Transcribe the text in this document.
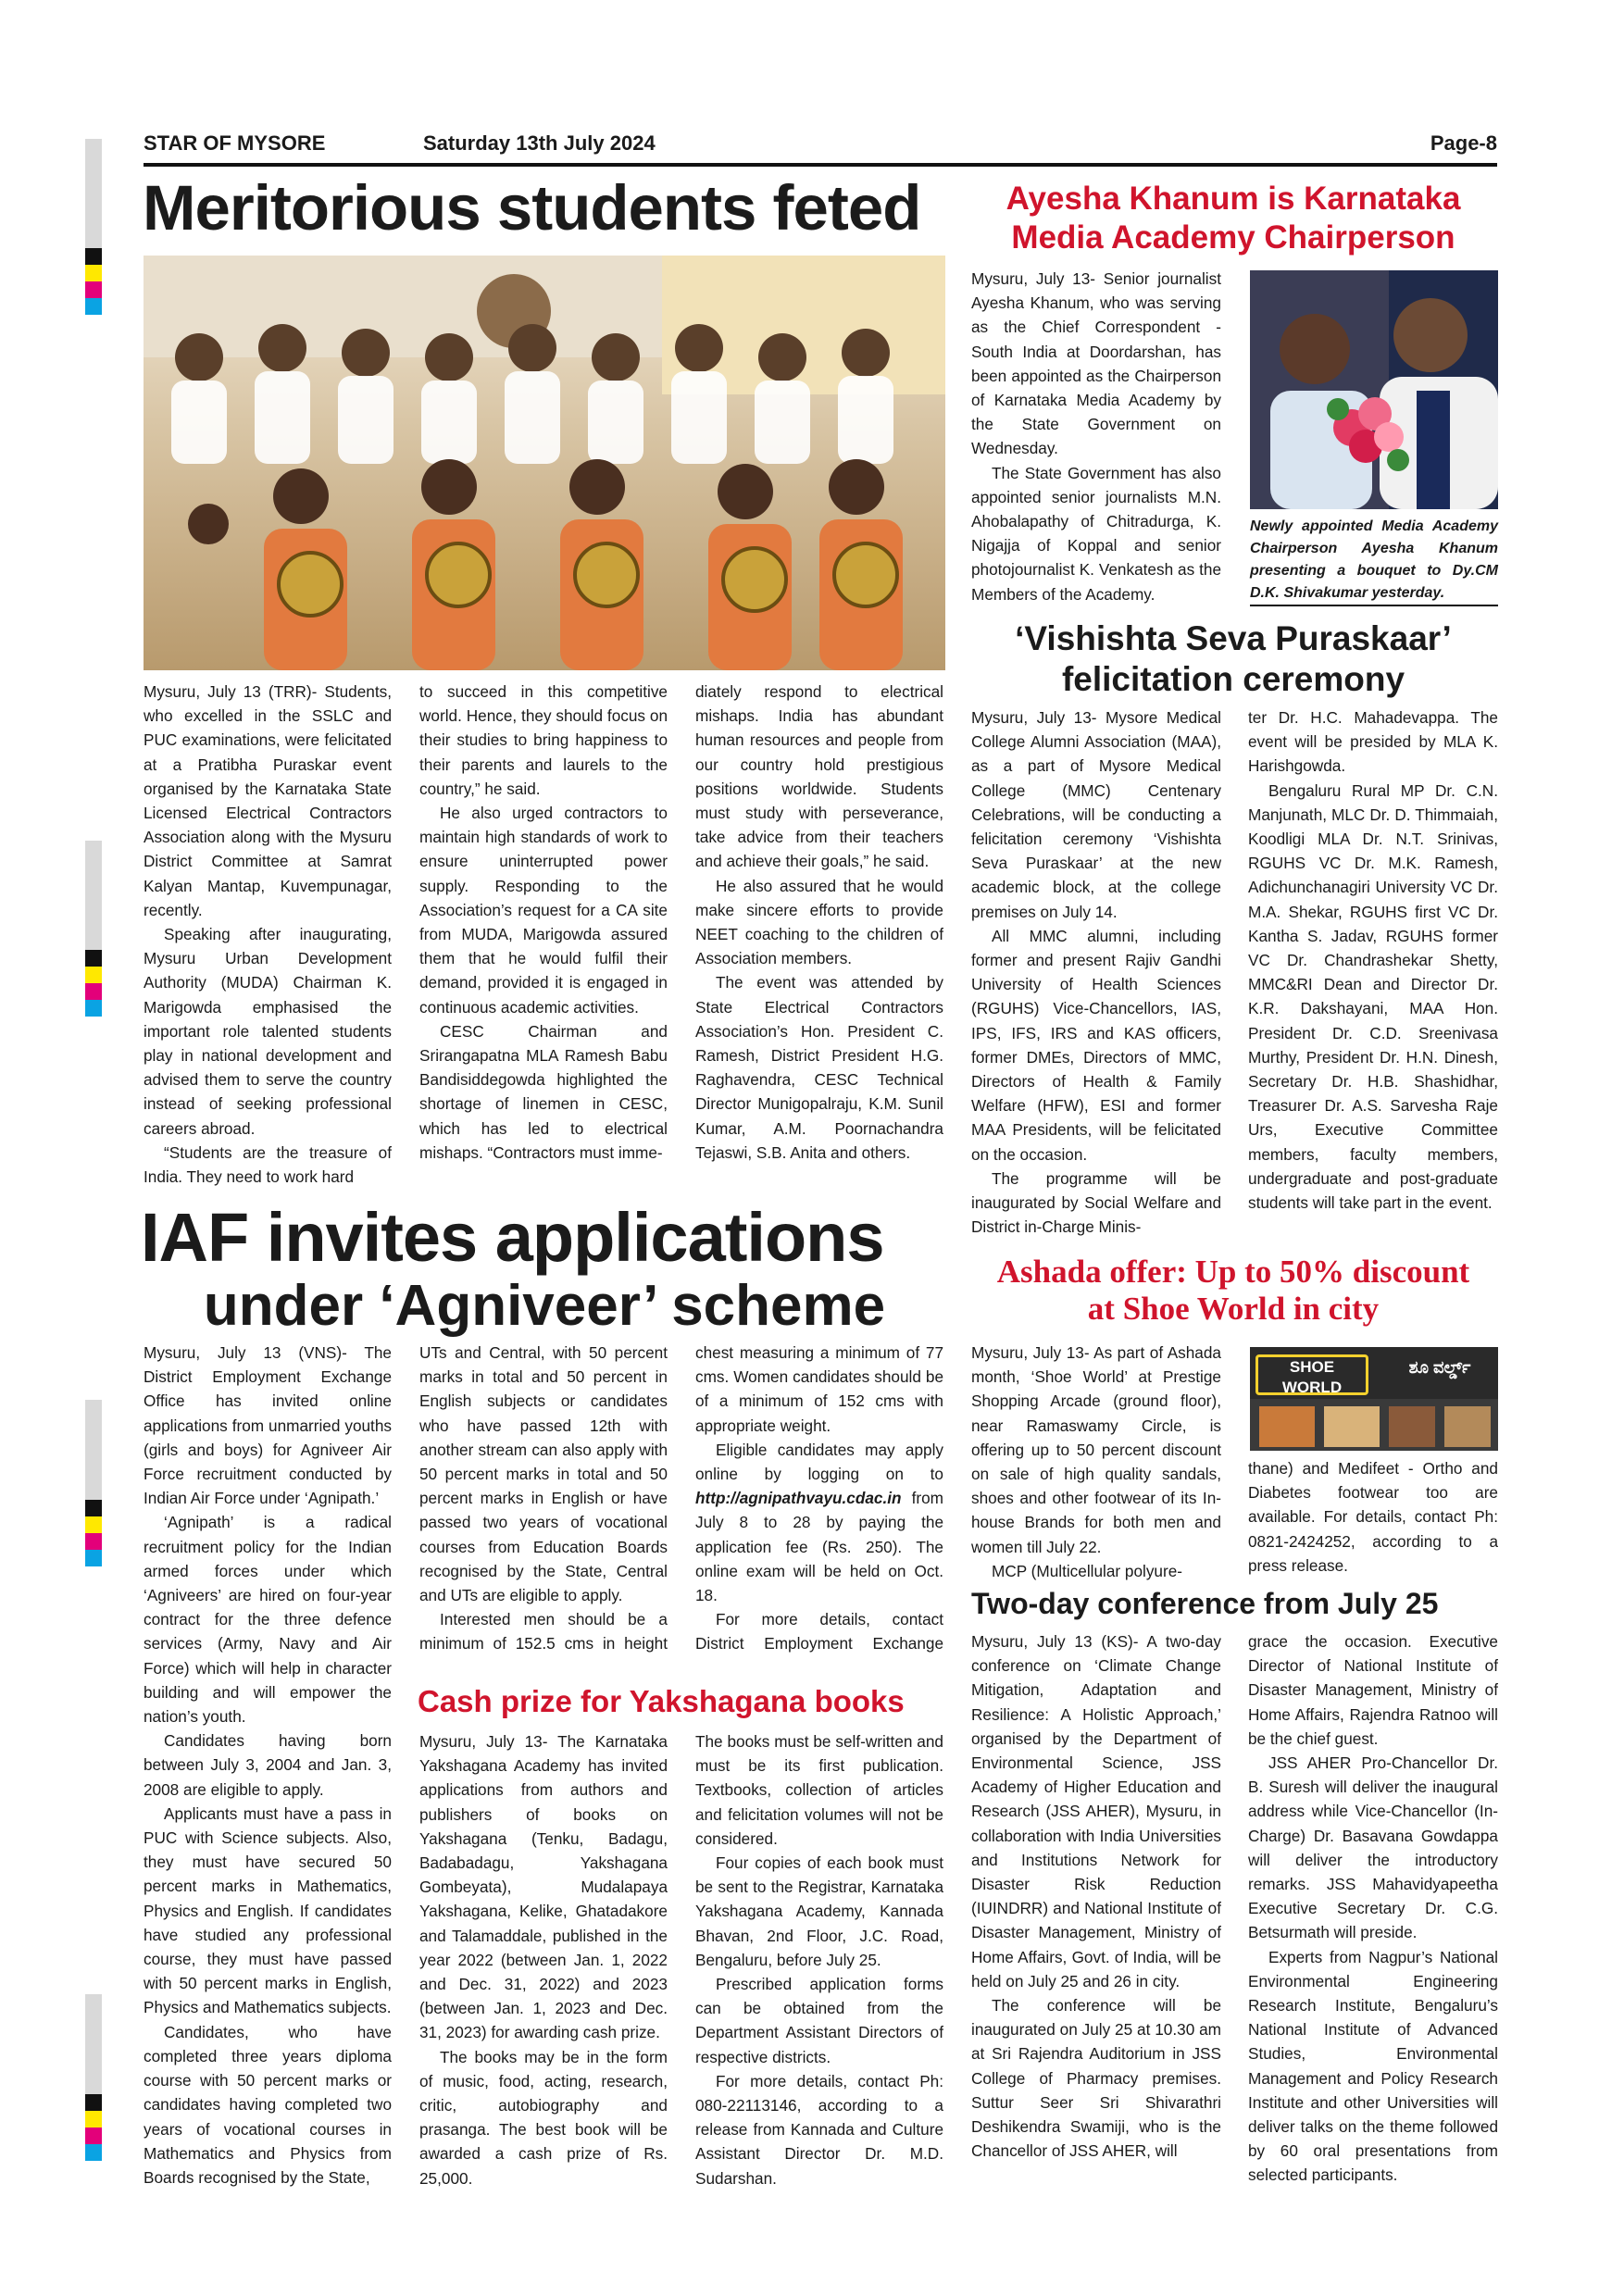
STAR OF MYSORE	Saturday 13th July 2024	Page-8
Meritorious students feted

Mysuru, July 13 (TRR)- Students, who excelled in the SSLC and PUC examinations, were felicitated at a Pratibha Puraskar event organised by the Karnataka State Licensed Electrical Contractors Association along with the Mysuru District Committee at Samrat Kalyan Mantap, Kuvempunagar, recently.

Speaking after inaugurating, Mysuru Urban Development Authority (MUDA) Chairman K. Marigowda emphasised the important role talented students play in national development and advised them to serve the country instead of seeking professional careers abroad.

“Students are the treasure of India. They need to work hard

to succeed in this competitive world. Hence, they should focus on their studies to bring happiness to their parents and laurels to the country,” he said.

He also urged contractors to maintain high standards of work to ensure uninterrupted power supply. Responding to the Association’s request for a CA site from MUDA, Marigowda assured them that he would fulfil their demand, provided it is engaged in continuous academic activities.

CESC Chairman and Srirangapatna MLA Ramesh Babu Bandisiddegowda highlighted the shortage of linemen in CESC, which has led to electrical mishaps. “Contractors must imme-

diately respond to electrical mishaps. India has abundant human resources and people from our country hold prestigious positions worldwide. Students must study with perseverance, take advice from their teachers and achieve their goals,” he said.

He also assured that he would make sincere efforts to provide NEET coaching to the children of Association members.

The event was attended by State Electrical Contractors Association’s Hon. President C. Ramesh, District President H.G. Raghavendra, CESC Technical Director Munigopalraju, K.M. Sunil Kumar, A.M. Poornachandra Tejaswi, S.B. Anita and others.

Ayesha Khanum is Karnataka
Media Academy Chairperson

Mysuru, July 13- Senior journalist Ayesha Khanum, who was serving as the Chief Correspondent - South India at Doordarshan, has been appointed as the Chairperson of Karnataka Media Academy by the State Government on Wednesday.

The State Government has also appointed senior journalists M.N. Ahobalapathy of Chitradurga, K. Nigajja of Koppal and senior photojournalist K. Venkatesh as the Members of the Academy.

Newly appointed Media Academy Chairperson Ayesha Khanum presenting a bouquet to Dy.CM D.K. Shivakumar yesterday.
‘Vishishta Seva Puraskaar’
felicitation ceremony

Mysuru, July 13- Mysore Medical College Alumni Association (MAA), as a part of Mysore Medical College (MMC) Centenary Celebrations, will be conducting a felicitation ceremony ‘Vishishta Seva Puraskaar’ at the new academic block, at the college premises on July 14.

All MMC alumni, including former and present Rajiv Gandhi University of Health Sciences (RGUHS) Vice-Chancellors, IAS, IPS, IFS, IRS and KAS officers, former DMEs, Directors of MMC, Directors of Health & Family Welfare (HFW), ESI and former MAA Presidents, will be felicitated on the occasion.

The programme will be inaugurated by Social Welfare and District in-Charge Minis-

ter Dr. H.C. Mahadevappa. The event will be presided by MLA K. Harishgowda.

Bengaluru Rural MP Dr. C.N. Manjunath, MLC Dr. D. Thimmaiah, Koodligi MLA Dr. N.T. Srinivas, RGUHS VC Dr. M.K. Ramesh, Adichunchanagiri University VC Dr. M.A. Shekar, RGUHS first VC Dr. Kantha S. Jadav, RGUHS former VC Dr. Chandrashekar Shetty, MMC&RI Dean and Director Dr. K.R. Dakshayani, MAA Hon. President Dr. C.D. Sreenivasa Murthy, President Dr. H.N. Dinesh, Secretary Dr. H.B. Shashidhar, Treasurer Dr. A.S. Sarvesha Raje Urs, Executive Committee members, faculty members, undergraduate and post-graduate students will take part in the event.

IAF invites applications
under ‘Agniveer’ scheme

Mysuru, July 13 (VNS)- The District Employment Exchange Office has invited online applications from unmarried youths (girls and boys) for Agniveer Air Force recruitment conducted by Indian Air Force under ‘Agnipath.’

‘Agnipath’ is a radical recruitment policy for the Indian armed forces under which ‘Agniveers’ are hired on four-year contract for the three defence services (Army, Navy and Air Force) which will help in character building and will empower the nation’s youth.

Candidates having born between July 3, 2004 and Jan. 3, 2008 are eligible to apply.

Applicants must have a pass in PUC with Science subjects. Also, they must have secured 50 percent marks in Mathematics, Physics and English. If candidates have studied any professional course, they must have passed with 50 percent marks in English, Physics and Mathematics subjects.

Candidates, who have completed three years diploma course with 50 percent marks or candidates having completed two years of vocational courses in Mathematics and Physics from Boards recognised by the State,

UTs and Central, with 50 percent marks in total and 50 percent in English subjects or candidates who have passed 12th with another stream can also apply with 50 percent marks in total and 50 percent marks in English or have passed two years of vocational courses from Education Boards recognised by the State, Central and UTs are eligible to apply.

Interested men should be a minimum of 152.5 cms in height

chest measuring a minimum of 77 cms. Women candidates should be of a minimum of 152 cms with appropriate weight.

Eligible candidates may apply online by logging on to http://agnipathvayu.cdac.in from July 8 to 28 by paying the application fee (Rs. 250). The online exam will be held on Oct. 18.

For more details, contact District Employment Exchange

Cash prize for Yakshagana books

Mysuru, July 13- The Karnataka Yakshagana Academy has invited applications from authors and publishers of books on Yakshagana (Tenku, Badagu, Badabadagu, Yakshagana Gombeyata), Mudalapaya Yakshagana, Kelike, Ghatadakore and Talamaddale, published in the year 2022 (between Jan. 1, 2022 and Dec. 31, 2022) and 2023 (between Jan. 1, 2023 and Dec. 31, 2023) for awarding cash prize.

The books may be in the form of music, food, acting, research, critic, autobiography and prasanga. The best book will be awarded a cash prize of Rs. 25,000.

The books must be self-written and must be its first publication. Textbooks, collection of articles and felicitation volumes will not be considered.

Four copies of each book must be sent to the Registrar, Karnataka Yakshagana Academy, Kannada Bhavan, 2nd Floor, J.C. Road, Bengaluru, before July 25.

Prescribed application forms can be obtained from the Department Assistant Directors of respective districts.

For more details, contact Ph: 080-22113146, according to a release from Kannada and Culture Assistant Director Dr. M.D. Sudarshan.

Ashada offer: Up to 50% discount
at Shoe World in city

Mysuru, July 13- As part of Ashada month, ‘Shoe World’ at Prestige Shopping Arcade (ground floor), near Ramaswamy Circle, is offering up to 50 percent discount on sale of high quality sandals, shoes and other footwear of its In-house Brands for both men and women till July 22.

MCP (Multicellular polyure-

SHOE WORLD
ಶೂ ವರ್ಲ್ಡ್

thane) and Medifeet - Ortho and Diabetes footwear too are available. For details, contact Ph: 0821-2424252, according to a press release.

Two-day conference from July 25

Mysuru, July 13 (KS)- A two-day conference on ‘Climate Change Mitigation, Adaptation and Resilience: A Holistic Approach,’ organised by the Department of Environmental Science, JSS Academy of Higher Education and Research (JSS AHER), Mysuru, in collaboration with India Universities and Institutions Network for Disaster Risk Reduction (IUINDRR) and National Institute of Disaster Management, Ministry of Home Affairs, Govt. of India, will be held on July 25 and 26 in city.

The conference will be inaugurated on July 25 at 10.30 am at Sri Rajendra Auditorium in JSS College of Pharmacy premises. Suttur Seer Sri Shivarathri Deshikendra Swamiji, who is the Chancellor of JSS AHER, will

grace the occasion. Executive Director of National Institute of Disaster Management, Ministry of Home Affairs, Rajendra Ratnoo will be the chief guest.

JSS AHER Pro-Chancellor Dr. B. Suresh will deliver the inaugural address while Vice-Chancellor (In-Charge) Dr. Basavana Gowdappa will deliver the introductory remarks. JSS Mahavidyapeetha Executive Secretary Dr. C.G. Betsurmath will preside.

Experts from Nagpur’s National Environmental Engineering Research Institute, Bengaluru’s National Institute of Advanced Studies, Environmental Management and Policy Research Institute and other Universities will deliver talks on the theme followed by 60 oral presentations from selected participants.
